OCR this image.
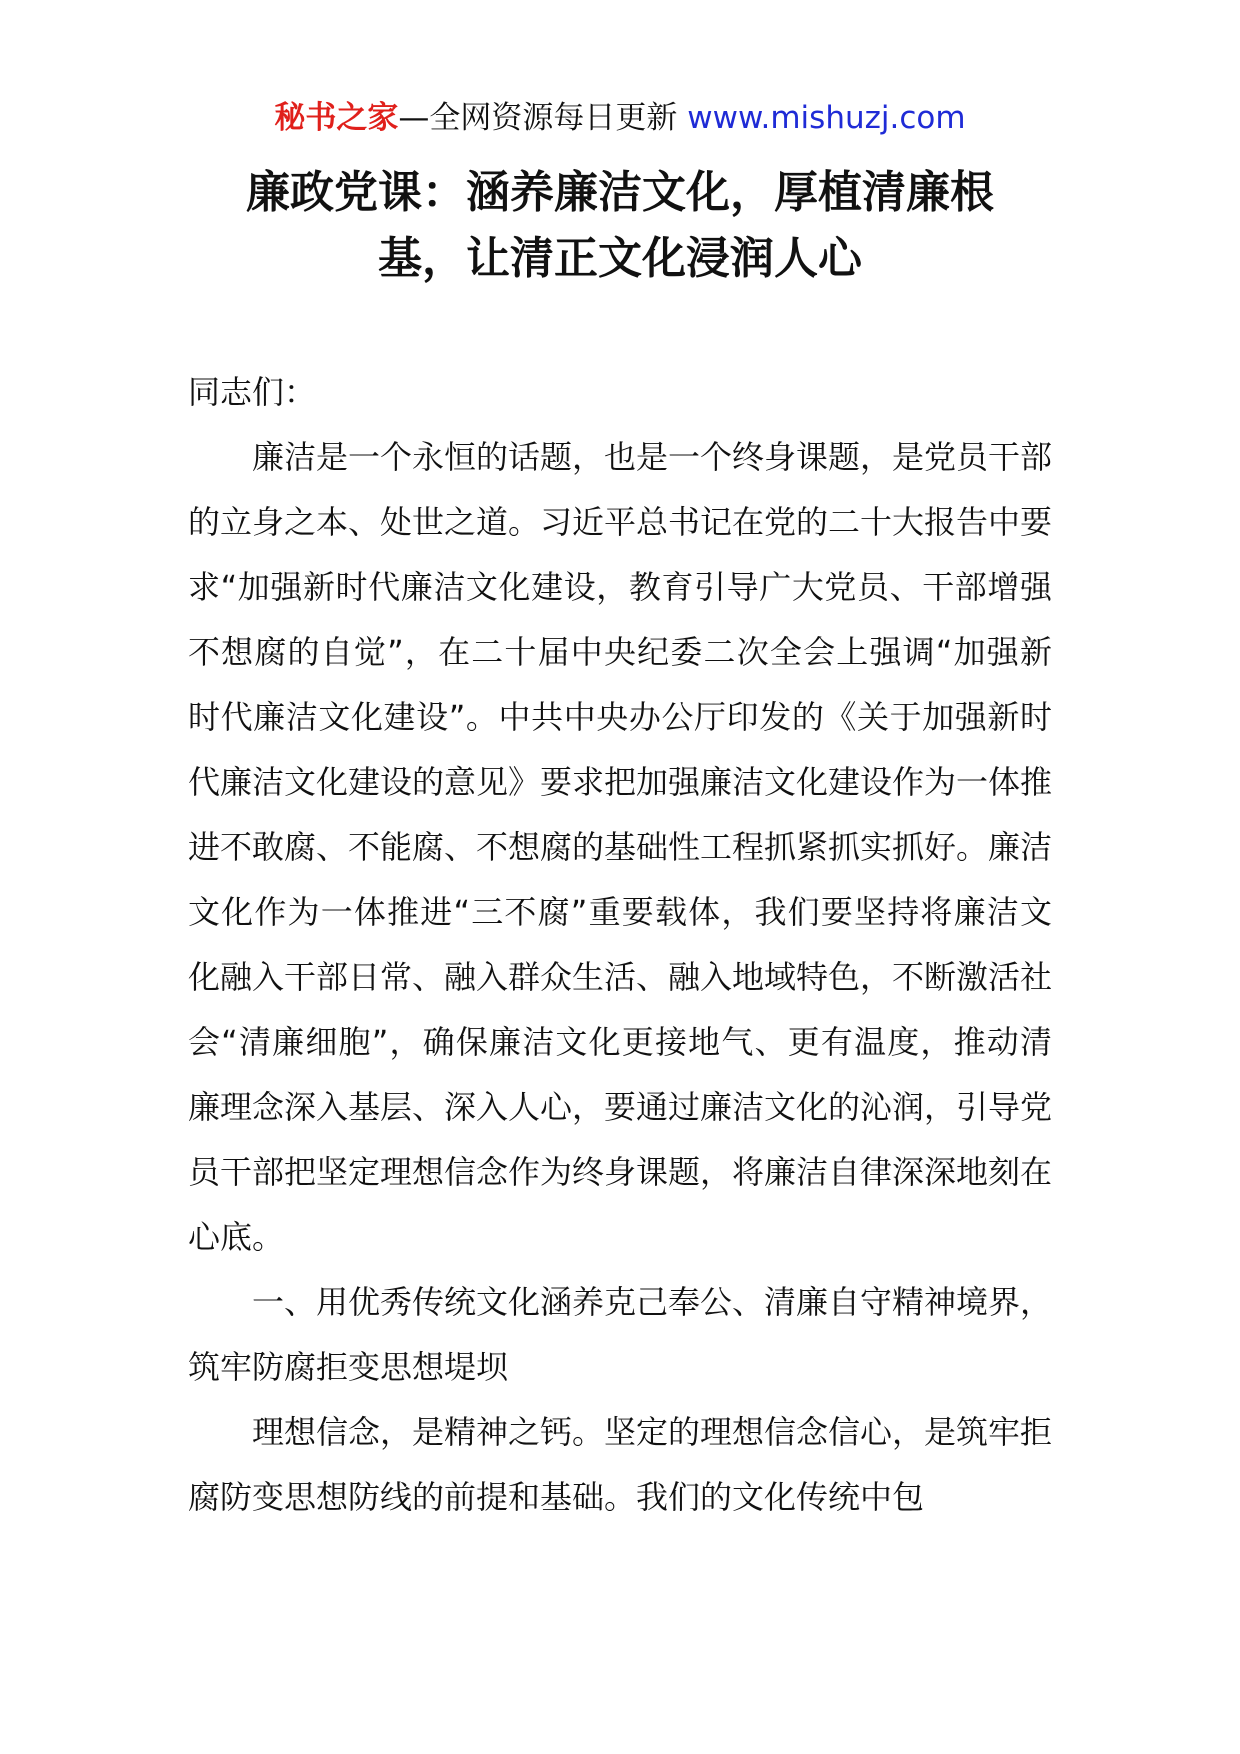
秘书之家—全网资源每日更新 www.mishuzj.com
廉政党课：涵养廉洁文化，厚植清廉根
基，让清正文化浸润人心

同志们：

廉洁是一个永恒的话题，也是一个终身课题，是党员干部的立身之本、处世之道。习近平总书记在党的二十大报告中要求“加强新时代廉洁文化建设，教育引导广大党员、干部增强不想腐的自觉”，在二十届中央纪委二次全会上强调“加强新时代廉洁文化建设”。中共中央办公厅印发的《关于加强新时代廉洁文化建设的意见》要求把加强廉洁文化建设作为一体推进不敢腐、不能腐、不想腐的基础性工程抓紧抓实抓好。廉洁文化作为一体推进“三不腐”重要载体，我们要坚持将廉洁文化融入干部日常、融入群众生活、融入地域特色，不断激活社会“清廉细胞”，确保廉洁文化更接地气、更有温度，推动清廉理念深入基层、深入人心，要通过廉洁文化的沁润，引导党员干部把坚定理想信念作为终身课题，将廉洁自律深深地刻在心底。

一、用优秀传统文化涵养克己奉公、清廉自守精神境界，筑牢防腐拒变思想堤坝

理想信念，是精神之钙。坚定的理想信念信心，是筑牢拒腐防变思想防线的前提和基础。我们的文化传统中包
